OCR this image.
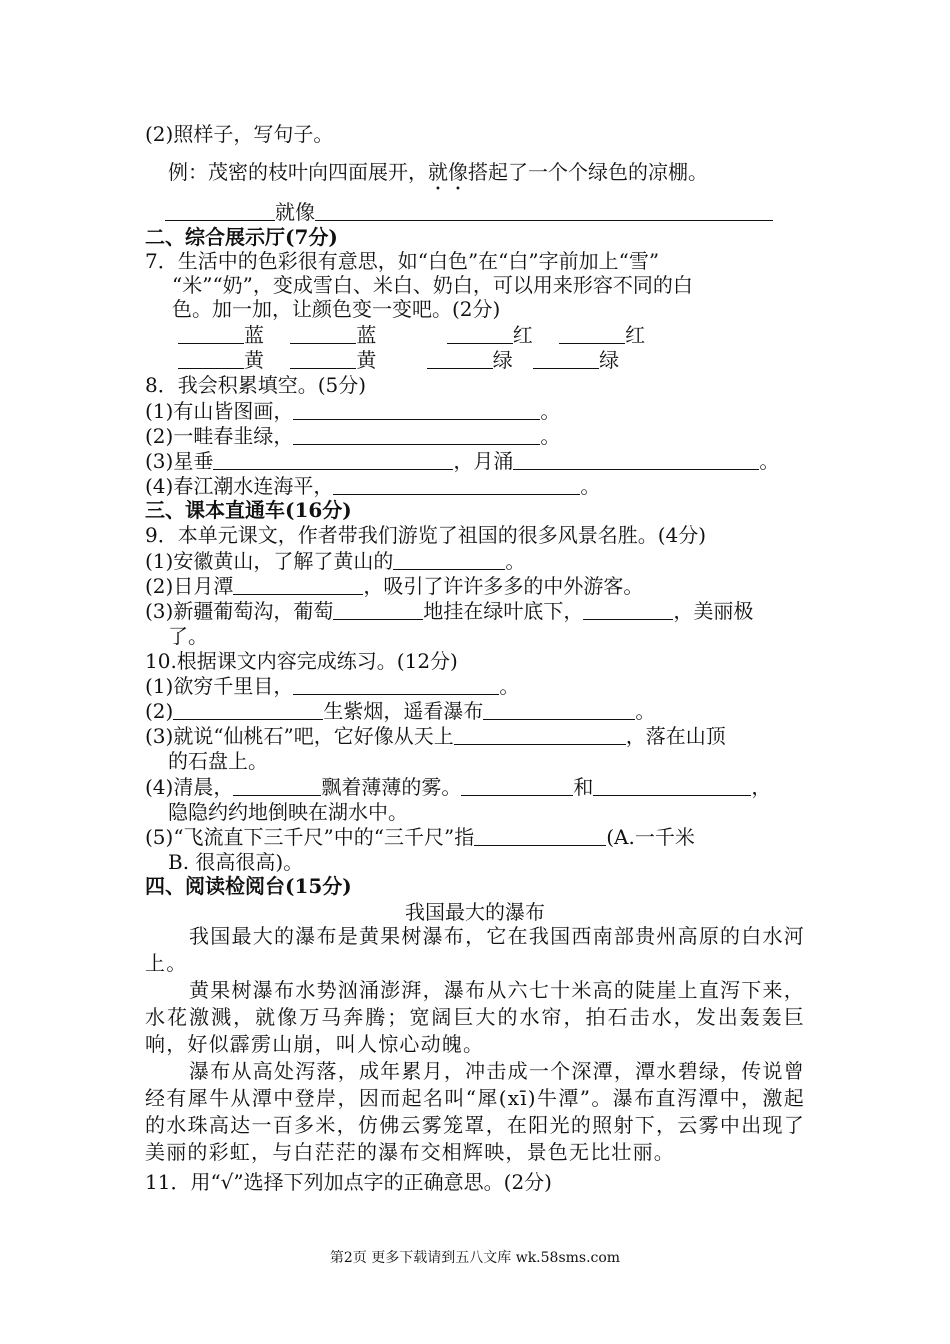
(2)照样子，写句子。
例：茂密的枝叶向四面展开，就像搭起了一个个绿色的凉棚。
就像
二、综合展示厅(7分)
7．生活中的色彩很有意思，如“白色”在“白”字前加上“雪”
“米”“奶”，变成雪白、米白、奶白，可以用来形容不同的白
色。加一加，让颜色变一变吧。(2分)
蓝	蓝	红	红
黄	黄	绿	绿
8．我会积累填空。(5分)
(1)有山皆图画，	。
(2)一畦春韭绿，	。
(3)星垂	，月涌	。
(4)春江潮水连海平，	。
三、课本直通车(16分)
9．本单元课文，作者带我们游览了祖国的很多风景名胜。(4分)
(1)安徽黄山，了解了黄山的	。
(2)日月潭	，吸引了许许多多的中外游客。
(3)新疆葡萄沟，葡萄	地挂在绿叶底下，	，美丽极
了。
10.根据课文内容完成练习。(12分)
(1)欲穷千里目，	。
(2)	生紫烟，遥看瀑布	。
(3)就说“仙桃石”吧，它好像从天上	，落在山顶
的石盘上。
(4)清晨，	飘着薄薄的雾。	和	，
隐隐约约地倒映在湖水中。
(5)“飞流直下三千尺”中的“三千尺”指	(A.一千米
B. 很高很高)。
四、阅读检阅台(15分)
我国最大的瀑布
我国最大的瀑布是黄果树瀑布，它在我国西南部贵州高原的白水河上。
黄果树瀑布水势汹涌澎湃，瀑布从六七十米高的陡崖上直泻下来，水花激溅，就像万马奔腾；宽阔巨大的水帘，拍石击水，发出轰轰巨响，好似霹雳山崩，叫人惊心动魄。
瀑布从高处泻落，成年累月，冲击成一个深潭，潭水碧绿，传说曾经有犀牛从潭中登岸，因而起名叫“犀(xī)牛潭”。瀑布直泻潭中，激起的水珠高达一百多米，仿佛云雾笼罩，在阳光的照射下，云雾中出现了美丽的彩虹，与白茫茫的瀑布交相辉映，景色无比壮丽。
11．用“√”选择下列加点字的正确意思。(2分)
第2页 更多下载请到五八文库 wk.58sms.com
